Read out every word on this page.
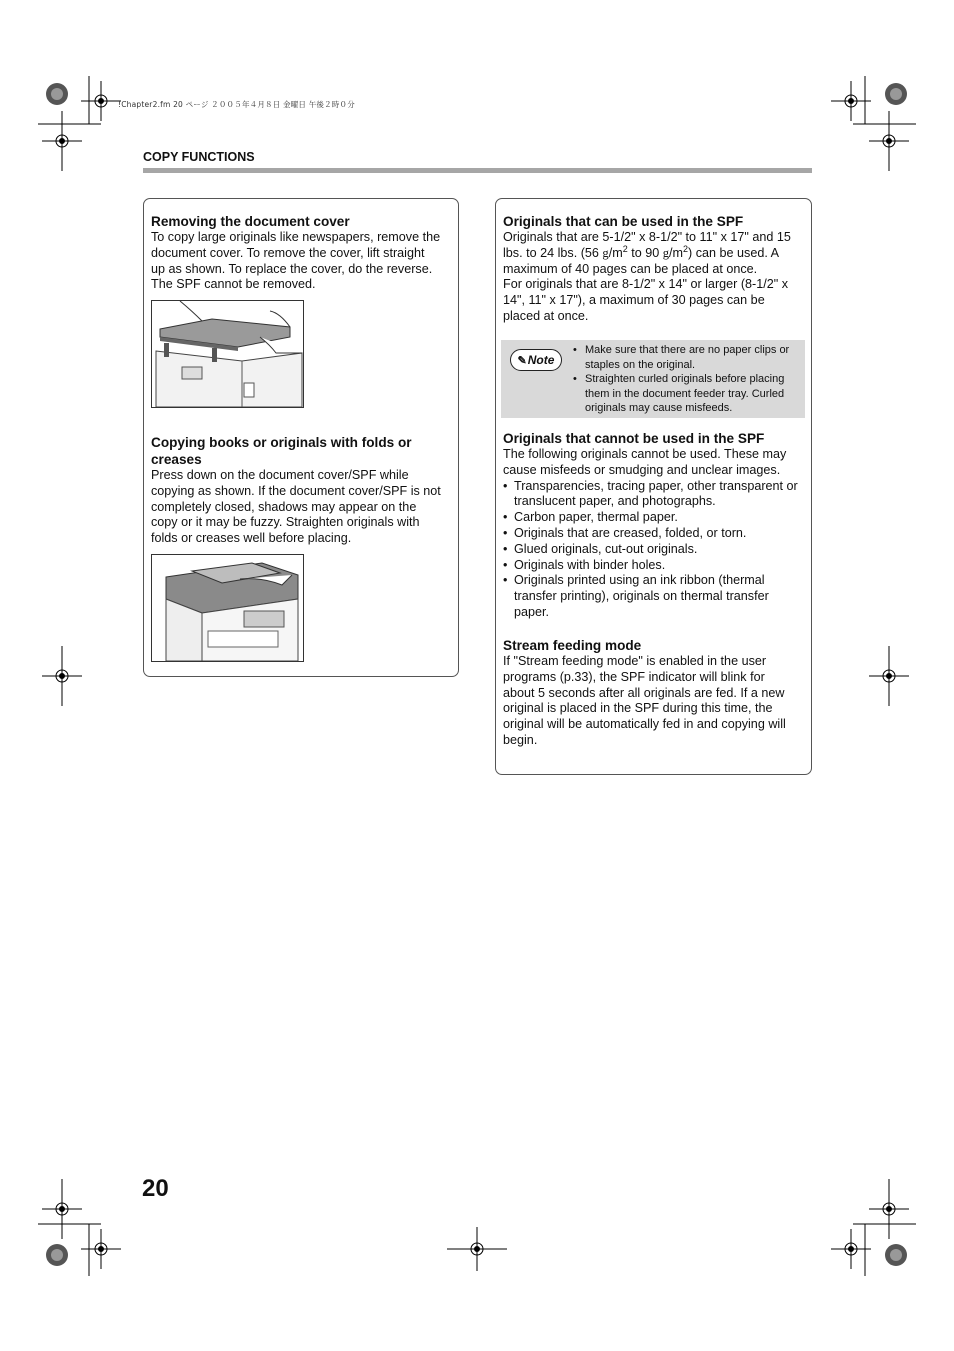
!Chapter2.fm 20 ページ ２００５年４月８日 金曜日 午後２時０分
COPY FUNCTIONS

Removing the document cover

To copy large originals like newspapers, remove the
document cover. To remove the cover, lift straight
up as shown. To replace the cover, do the reverse.
The SPF cannot be removed.

Copying books or originals with folds or
creases

Press down on the document cover/SPF while
copying as shown. If the document cover/SPF is not
completely closed, shadows may appear on the
copy or it may be fuzzy. Straighten originals with
folds or creases well before placing.

Originals that can be used in the SPF

Originals that are 5-1/2" x 8-1/2" to 11" x 17" and 15
lbs. to 24 lbs. (56 $g/m^2$ to 90 $g/m^2$) can be used. A
maximum of 40 pages can be placed at once.
For originals that are 8-1/2" x 14" or larger (8-1/2" x
14", 11" x 17"), a maximum of 30 pages can be
placed at once.

✎ Note
• Make sure that there are no paper clips or
staples on the original.
• Straighten curled originals before placing
them in the document feeder tray. Curled
originals may cause misfeeds.

Originals that cannot be used in the SPF

The following originals cannot be used. These may
cause misfeeds or smudging and unclear images.

• Transparencies, tracing paper, other transparent or
translucent paper, and photographs.
• Carbon paper, thermal paper.
• Originals that are creased, folded, or torn.
• Glued originals, cut-out originals.
• Originals with binder holes.
• Originals printed using an ink ribbon (thermal
transfer printing), originals on thermal transfer
paper.

Stream feeding mode

If "Stream feeding mode" is enabled in the user
programs (p.33), the SPF indicator will blink for
about 5 seconds after all originals are fed. If a new
original is placed in the SPF during this time, the
original will be automatically fed in and copying will
begin.

20
